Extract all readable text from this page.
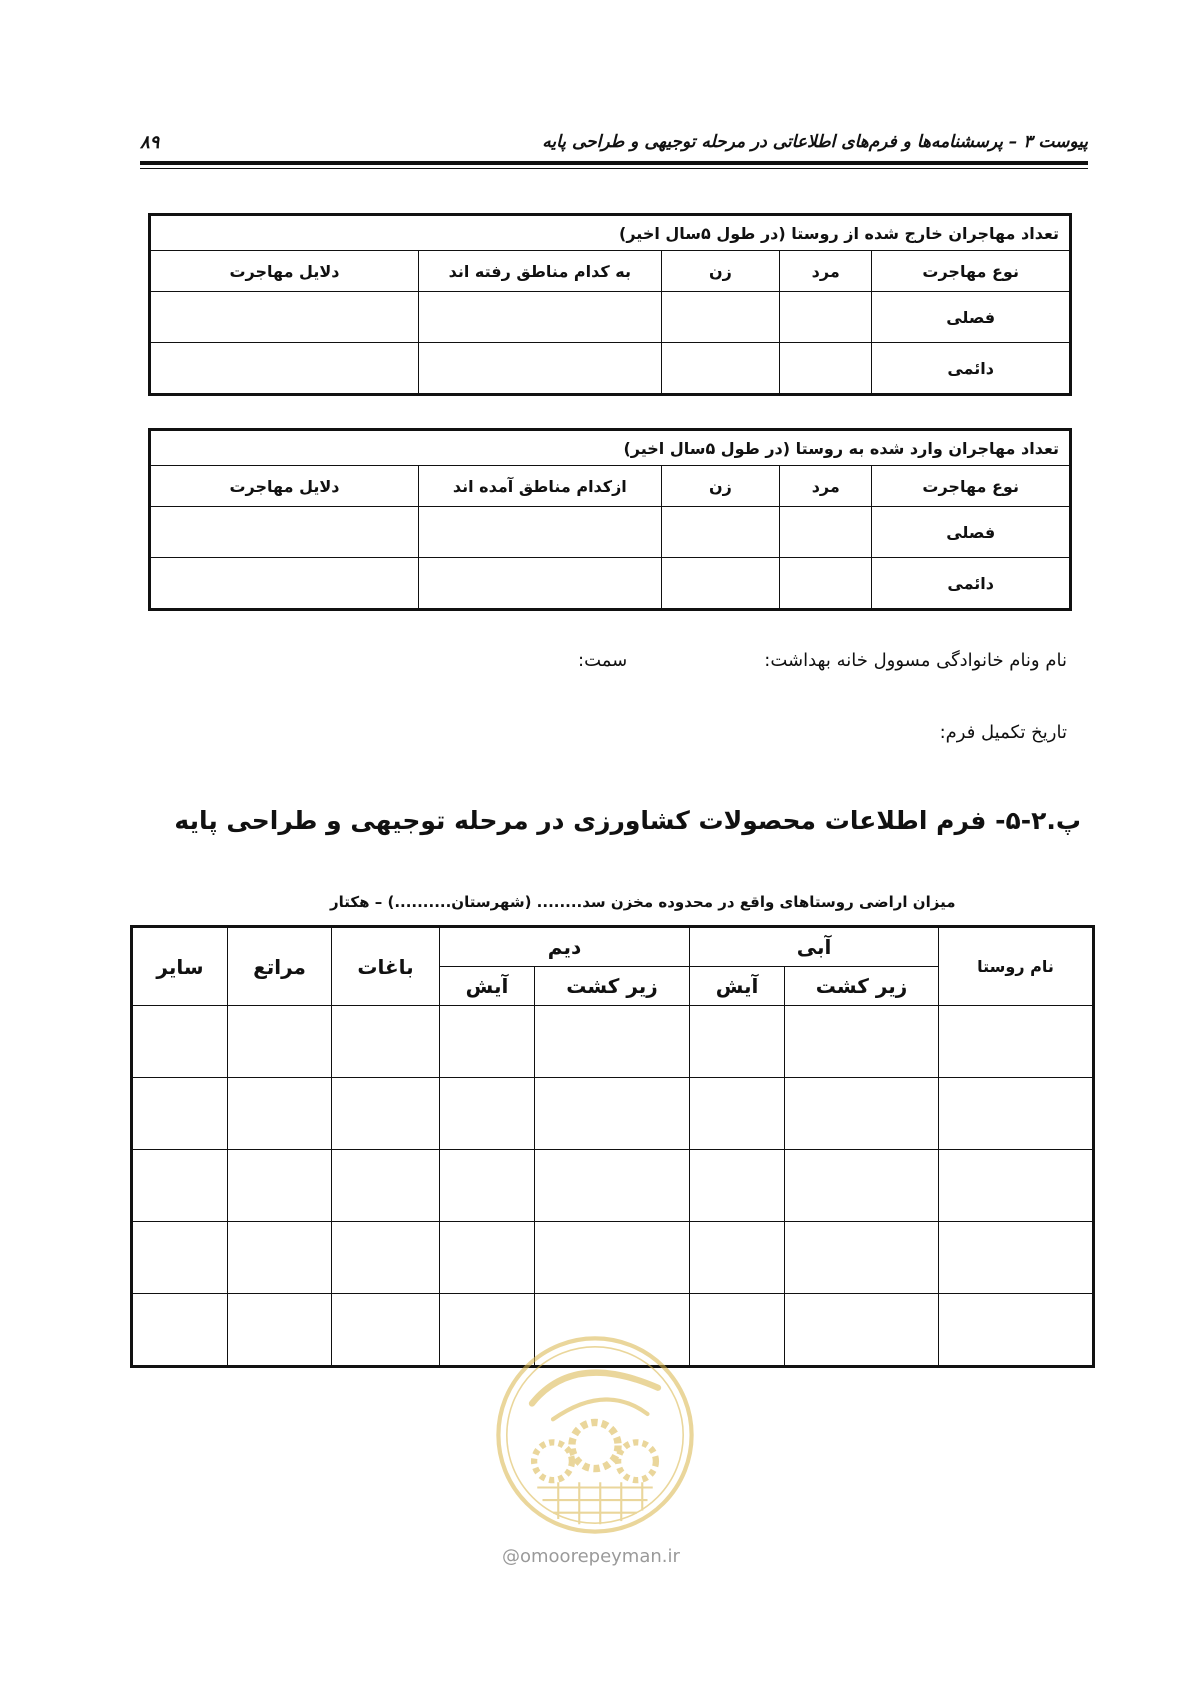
پیوست ۳ – پرسشنامه‌ها و فرم‌های اطلاعاتی در مرحله توجیهی و طراحی پایه
۸۹
تعداد مهاجران خارج شده از روستا (در طول ۵سال اخیر)				
نوع مهاجرت	مرد	زن	به کدام مناطق رفته اند	دلایل مهاجرت
فصلی				
دائمی				
تعداد مهاجران وارد شده به روستا (در طول ۵سال اخیر)				
نوع مهاجرت	مرد	زن	ازکدام مناطق آمده اند	دلایل مهاجرت
فصلی				
دائمی				
نام ونام خانوادگی مسوول خانه بهداشت:
سمت:
تاریخ تکمیل فرم:
پ.۲-۵- فرم اطلاعات محصولات کشاورزی در مرحله توجیهی و طراحی پایه
میزان اراضی روستاهای واقع در محدوده مخزن سد........ (شهرستان..........) – هکتار
نام روستا	آبی		دیم		باغات	مراتع	سایر
	زیر کشت	آیش	زیر کشت	آیش			

@omoorepeyman.ir
